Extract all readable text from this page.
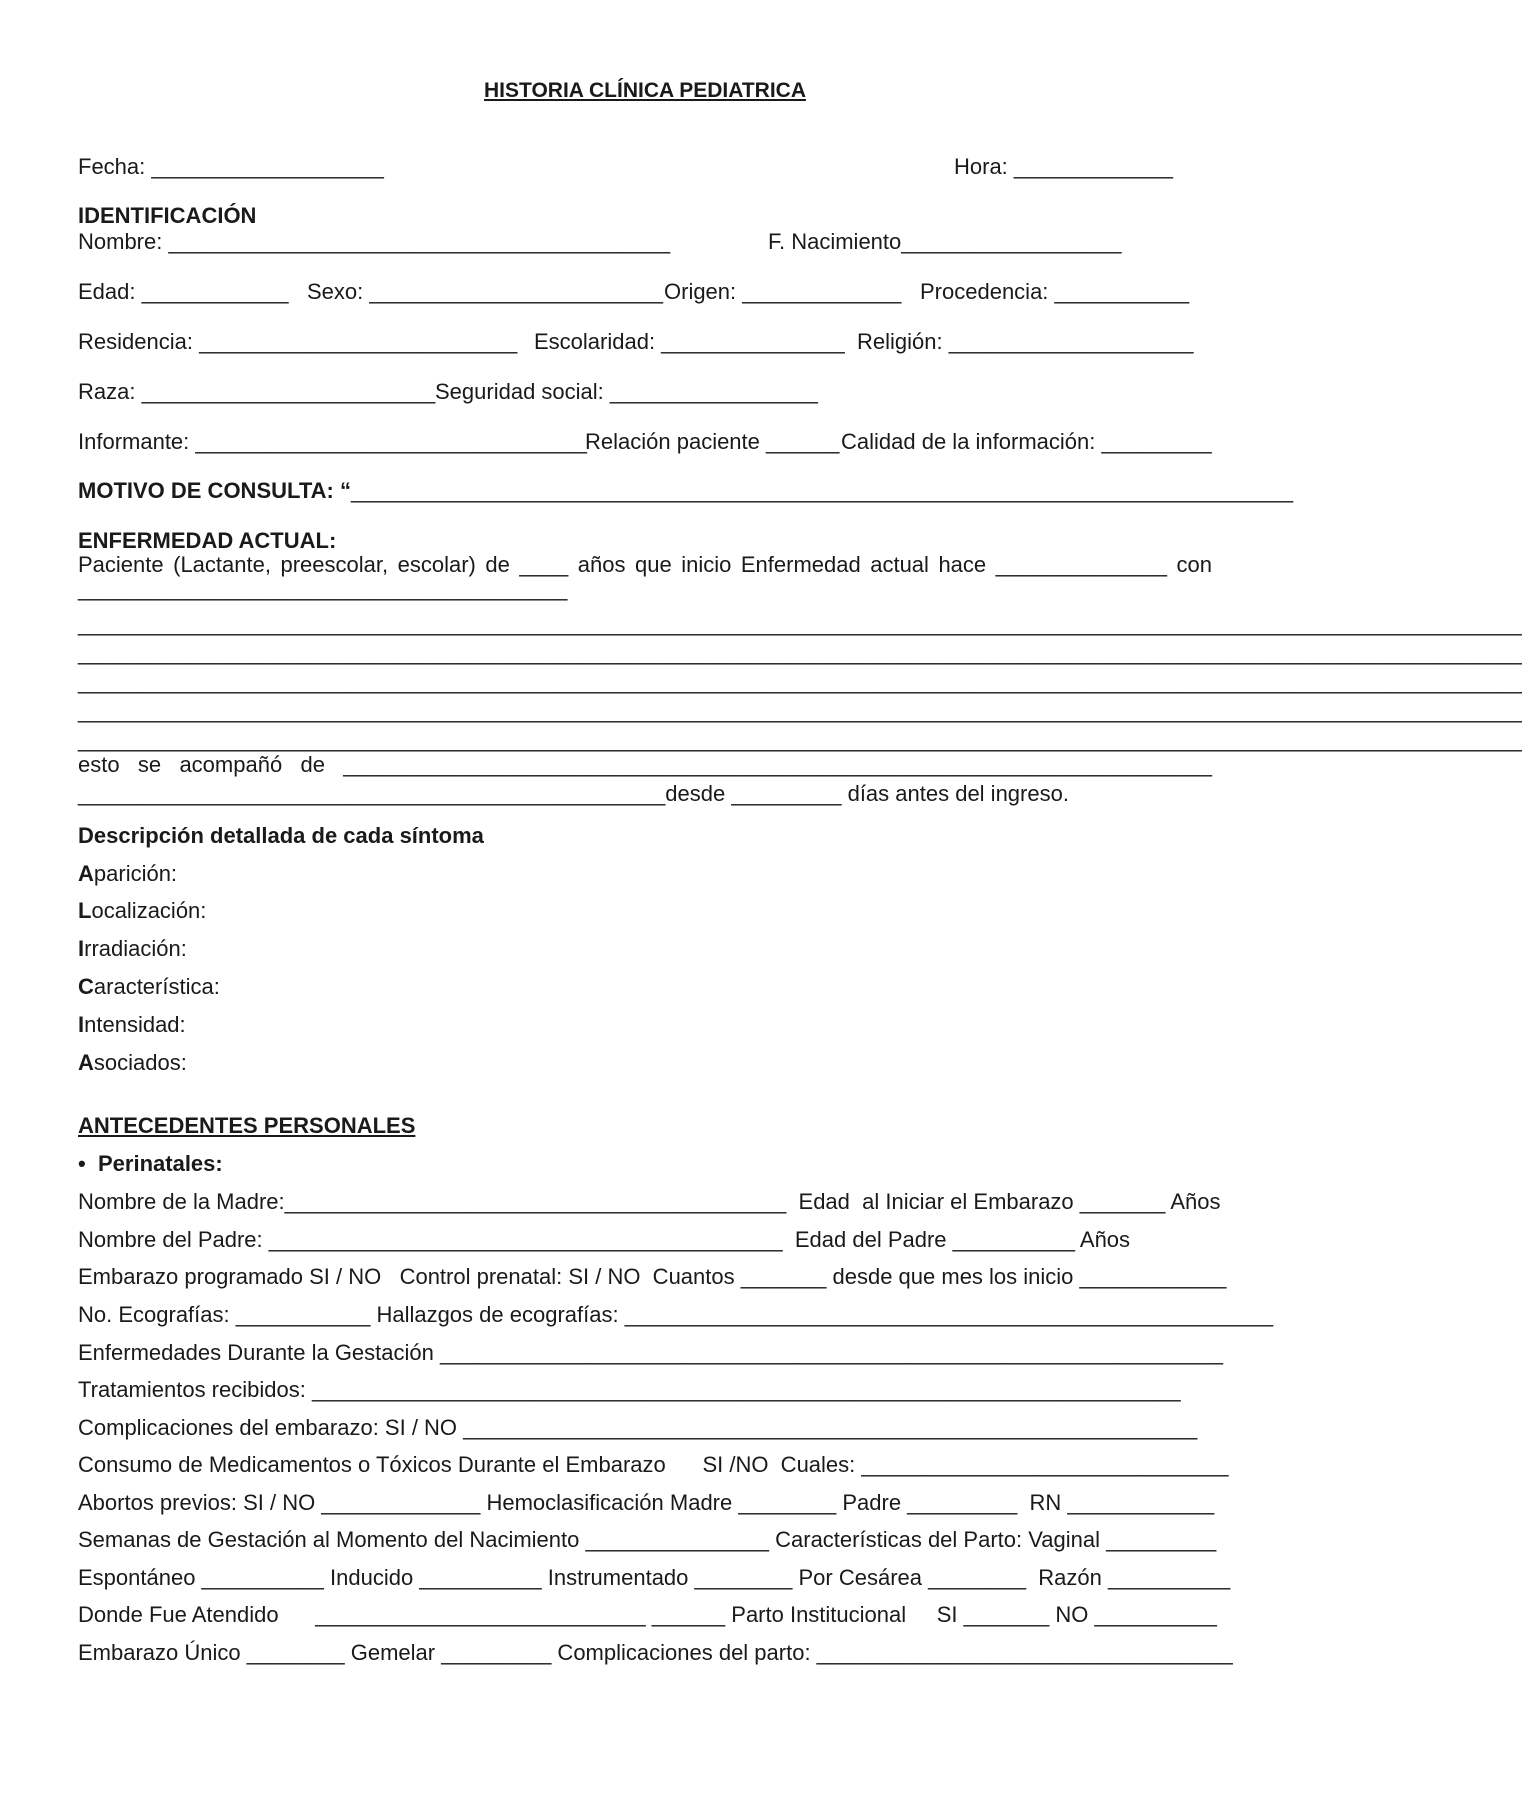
HISTORIA CLÍNICA PEDIATRICA
Fecha: ___________________	Hora: _____________
IDENTIFICACIÓN
Nombre: _________________________________________	F. Nacimiento__________________
Edad: ____________ Sexo: ________________________ Origen: _____________ Procedencia: ___________
Residencia: __________________________ Escolaridad: _______________ Religión: ____________________
Raza: ________________________ Seguridad social: _________________
Informante: ________________________________
Relación paciente ______ Calidad de la información: _________
MOTIVO DE CONSULTA: “_____________________________________________________________________________
ENFERMEDAD ACTUAL:
Paciente (Lactante, preescolar, escolar) de ____ años que inicio Enfermedad actual hace ______________ con
________________________________________
______________________________________________________________________________________________________________________
______________________________________________________________________________________________________________________
______________________________________________________________________________________________________________________
______________________________________________________________________________________________________________________
______________________________________________________________________________________________________________________
esto se acompañó de _______________________________________________________________________
________________________________________________desde _________ días antes del ingreso.
Descripción detallada de cada síntoma
Aparición:
Localización:
Irradiación:
Característica:
Intensidad:
Asociados:
ANTECEDENTES PERSONALES
• Perinatales:
Nombre de la Madre:_________________________________________  Edad  al Iniciar el Embarazo _______ Años
Nombre del Padre: __________________________________________  Edad del Padre __________ Años
Embarazo programado SI / NO   Control prenatal: SI / NO  Cuantos _______ desde que mes los inicio ____________
No. Ecografías: ___________ Hallazgos de ecografías: _____________________________________________________
Enfermedades Durante la Gestación ________________________________________________________________
Tratamientos recibidos: _______________________________________________________________________
Complicaciones del embarazo: SI / NO ____________________________________________________________
Consumo de Medicamentos o Tóxicos Durante el Embarazo      SI /NO  Cuales: ______________________________
Abortos previos: SI / NO _____________ Hemoclasificación Madre ________ Padre _________  RN ____________
Semanas de Gestación al Momento del Nacimiento _______________ Características del Parto: Vaginal _________
Espontáneo __________ Inducido __________ Instrumentado ________ Por Cesárea ________  Razón __________
Donde Fue Atendido      ___________________________ ______ Parto Institucional     SI _______ NO __________
Embarazo Único ________ Gemelar _________ Complicaciones del parto: __________________________________
